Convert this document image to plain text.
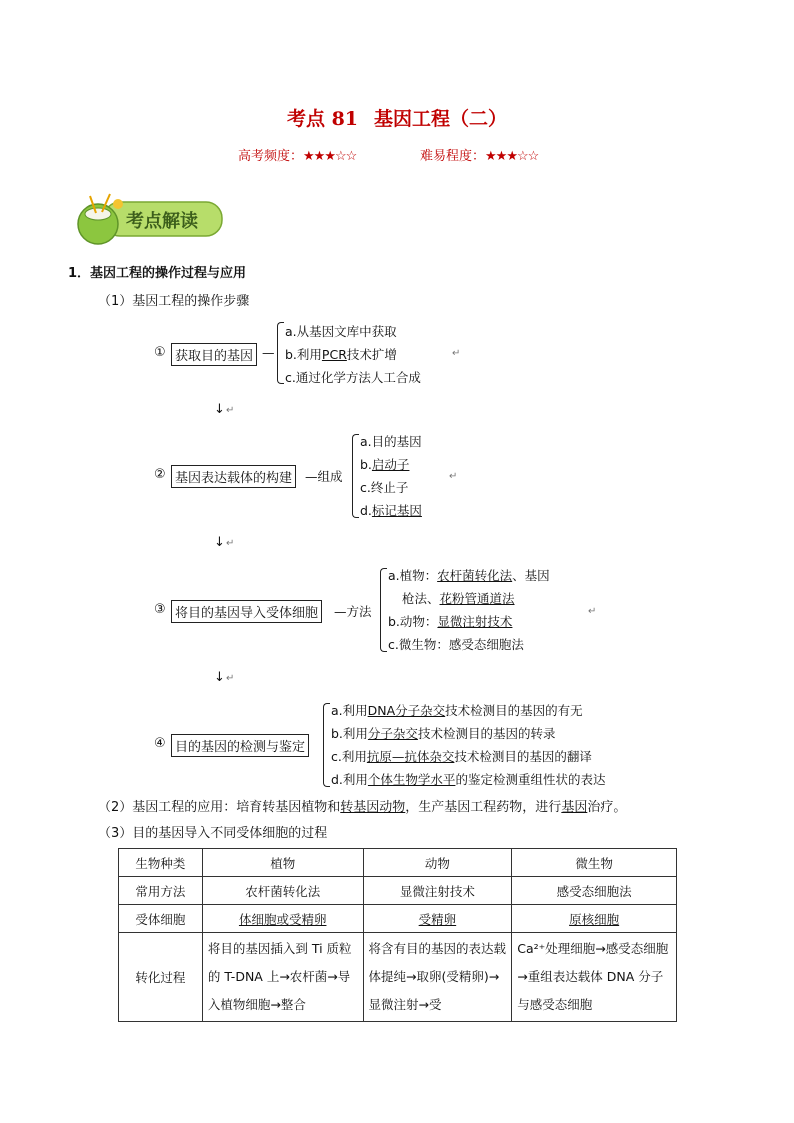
考点 81 基因工程（二）
高考频度：★★★☆☆	难易程度：★★★☆☆
考点解读
1．基因工程的操作过程与应用
（1）基因工程的操作步骤
① 获取目的基因 —
a.从基因文库中获取
b.利用PCR技术扩增
c.通过化学方法人工合成
↵
↓ ↵
② 基因表达载体的构建	—组成
a.目的基因
b.启动子
c.终止子
d.标记基因
↵
↓ ↵
③ 将目的基因导入受体细胞	—方法
a.植物：农杆菌转化法、基因
枪法、花粉管通道法
b.动物：显微注射技术
c.微生物：感受态细胞法
↵
↓ ↵
④ 目的基因的检测与鉴定
a.利用DNA分子杂交技术检测目的基因的有无
b.利用分子杂交技术检测目的基因的转录
c.利用抗原—抗体杂交技术检测目的基因的翻译
d.利用个体生物学水平的鉴定检测重组性状的表达
（2）基因工程的应用：培育转基因植物和转基因动物，生产基因工程药物，进行基因治疗。
（3）目的基因导入不同受体细胞的过程
生物种类	植物	动物	微生物
常用方法	农杆菌转化法	显微注射技术	感受态细胞法
受体细胞	体细胞或受精卵	受精卵	原核细胞
转化过程	将目的基因插入到 Ti 质粒的 T-DNA 上→农杆菌→导入植物细胞→整合	将含有目的基因的表达载体提纯→取卵(受精卵)→显微注射→受	Ca²⁺处理细胞→感受态细胞→重组表达载体 DNA 分子与感受态细胞
